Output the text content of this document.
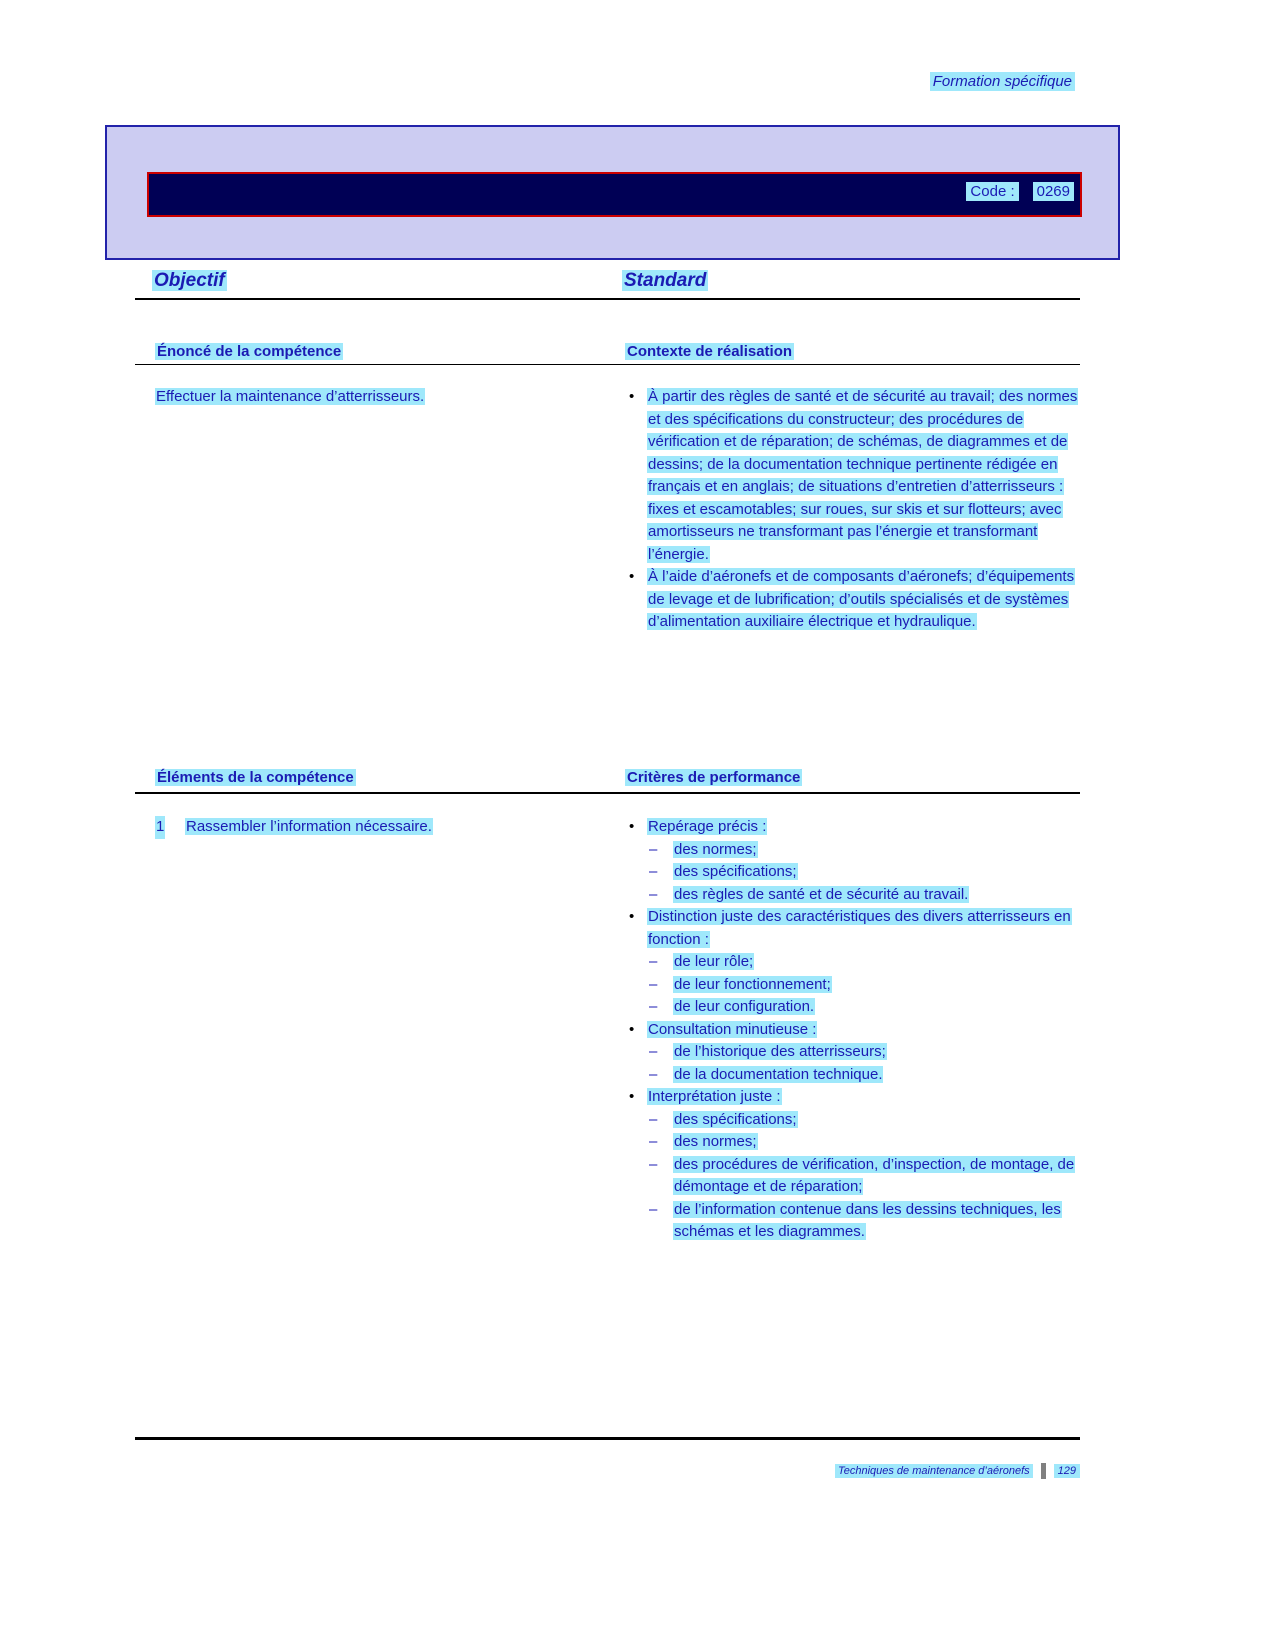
Formation spécifique
Code : 0269
Objectif	Standard
Énoncé de la compétence	Contexte de réalisation
Effectuer la maintenance d’atterrisseurs.	• À partir des règles de santé et de sécurité au travail; des normes et des spécifications du constructeur; des procédures de vérification et de réparation; de schémas, de diagrammes et de dessins; de la documentation technique pertinente rédigée en français et en anglais; de situations d’entretien d’atterrisseurs : fixes et escamotables; sur roues, sur skis et sur flotteurs; avec amortisseurs ne transformant pas l’énergie et transformant l’énergie.
• À l’aide d’aéronefs et de composants d’aéronefs; d’équipements de levage et de lubrification; d’outils spécialisés et de systèmes d’alimentation auxiliaire électrique et hydraulique.
Éléments de la compétence	Critères de performance
1 Rassembler l’information nécessaire.	• Repérage précis :
– des normes;
– des spécifications;
– des règles de santé et de sécurité au travail.
• Distinction juste des caractéristiques des divers atterrisseurs en fonction :
– de leur rôle;
– de leur fonctionnement;
– de leur configuration.
• Consultation minutieuse :
– de l’historique des atterrisseurs;
– de la documentation technique.
• Interprétation juste :
– des spécifications;
– des normes;
– des procédures de vérification, d’inspection, de montage, de démontage et de réparation;
– de l’information contenue dans les dessins techniques, les schémas et les diagrammes.
Techniques de maintenance d’aéronefs	129
